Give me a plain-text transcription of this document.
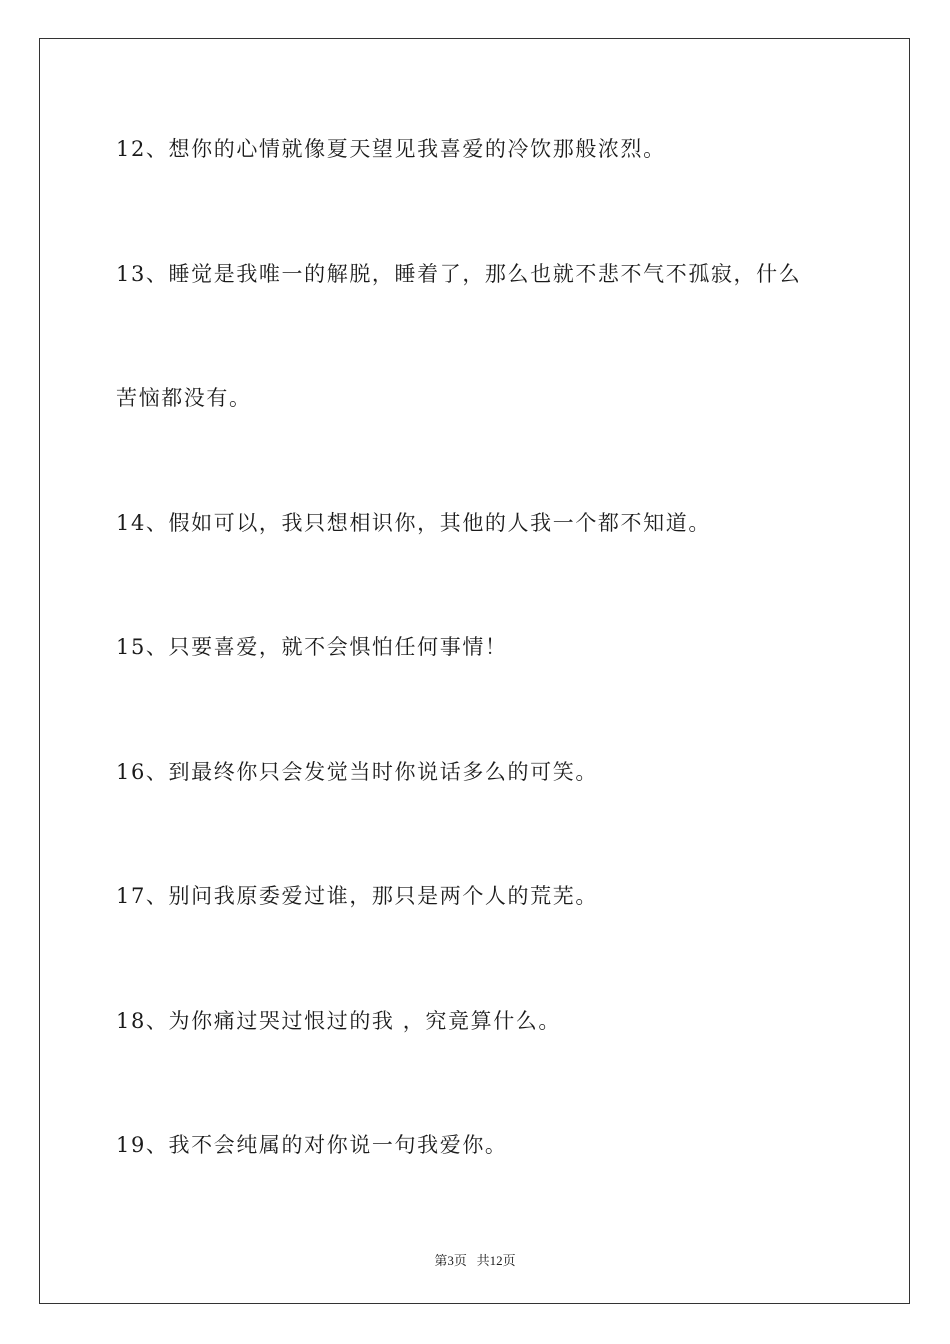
12、想你的心情就像夏天望见我喜爱的冷饮那般浓烈。
13、睡觉是我唯一的解脱，睡着了，那么也就不悲不气不孤寂，什么
苦恼都没有。
14、假如可以，我只想相识你，其他的人我一个都不知道。
15、只要喜爱，就不会惧怕任何事情！
16、到最终你只会发觉当时你说话多么的可笑。
17、别问我原委爱过谁，那只是两个人的荒芜。
18、为你痛过哭过恨过的我 ，究竟算什么。
19、我不会纯属的对你说一句我爱你。
第3页 共12页
